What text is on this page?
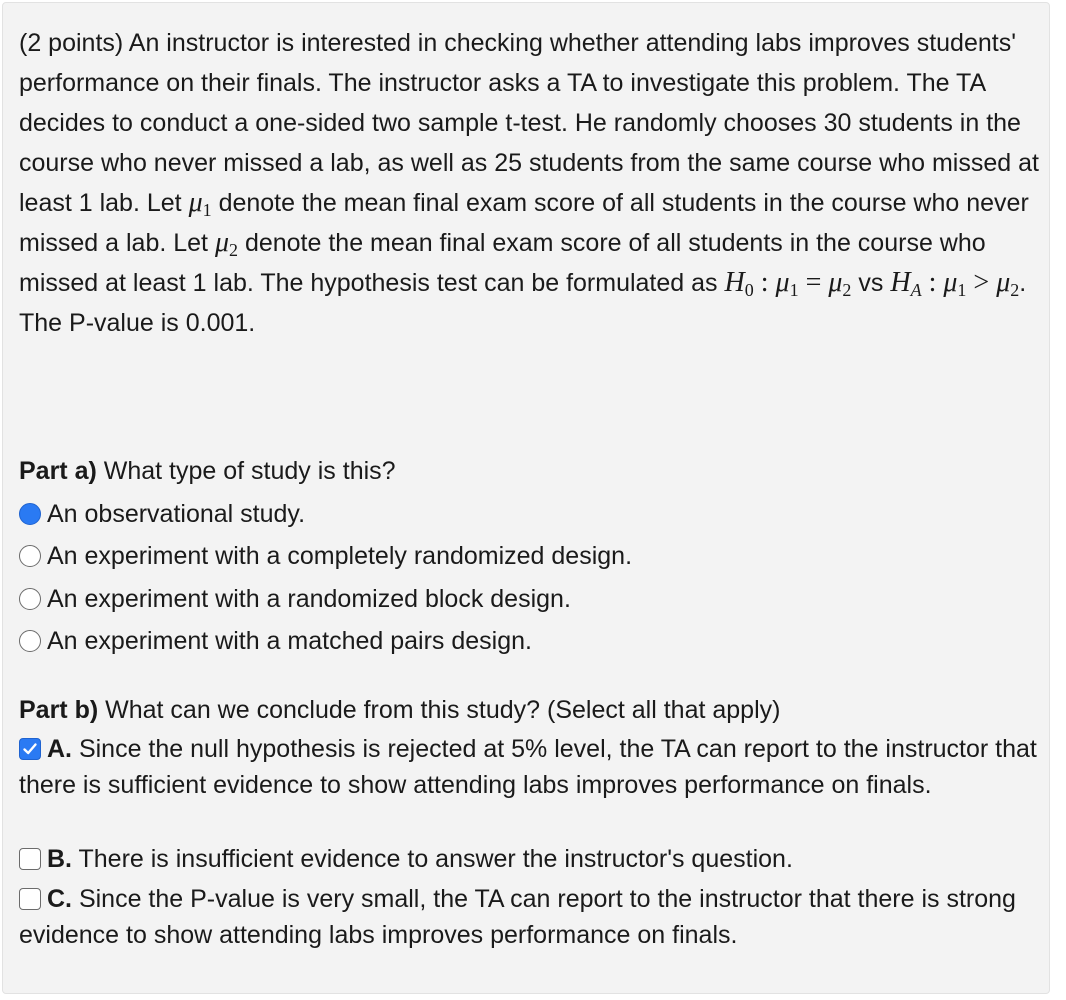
(2 points) An instructor is interested in checking whether attending labs improves students' performance on their finals. The instructor asks a TA to investigate this problem. The TA decides to conduct a one-sided two sample t-test. He randomly chooses 30 students in the course who never missed a lab, as well as 25 students from the same course who missed at least 1 lab. Let $\mu_1$ denote the mean final exam score of all students in the course who never missed a lab. Let $\mu_2$ denote the mean final exam score of all students in the course who missed at least 1 lab. The hypothesis test can be formulated as $H_0$ : $\mu_1 = \mu_2$ vs $H_A$ : $\mu_1 > \mu_2$. The P-value is 0.001.
Part a) What type of study is this?
An observational study.
An experiment with a completely randomized design.
An experiment with a randomized block design.
An experiment with a matched pairs design.
Part b) What can we conclude from this study? (Select all that apply)
A. Since the null hypothesis is rejected at 5% level, the TA can report to the instructor that there is sufficient evidence to show attending labs improves performance on finals.
B. There is insufficient evidence to answer the instructor's question.
C. Since the P-value is very small, the TA can report to the instructor that there is strong evidence to show attending labs improves performance on finals.
